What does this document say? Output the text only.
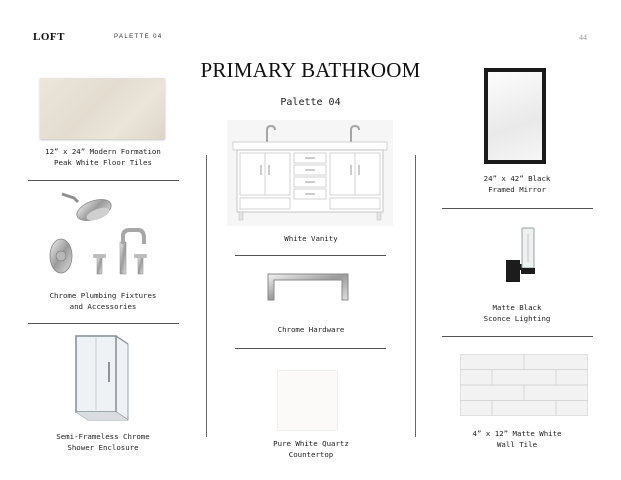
LOFT	PALETTE 04	44
PRIMARY BATHROOM
Palette 04
12” x 24” Modern Formation
Peak White Floor Tiles
Chrome Plumbing Fixtures
and Accessories
Semi-Frameless Chrome
Shower Enclosure
White Vanity
Chrome Hardware
Pure White Quartz
Countertop
24” x 42” Black
Framed Mirror
Matte Black
Sconce Lighting
4” x 12” Matte White
Wall Tile
